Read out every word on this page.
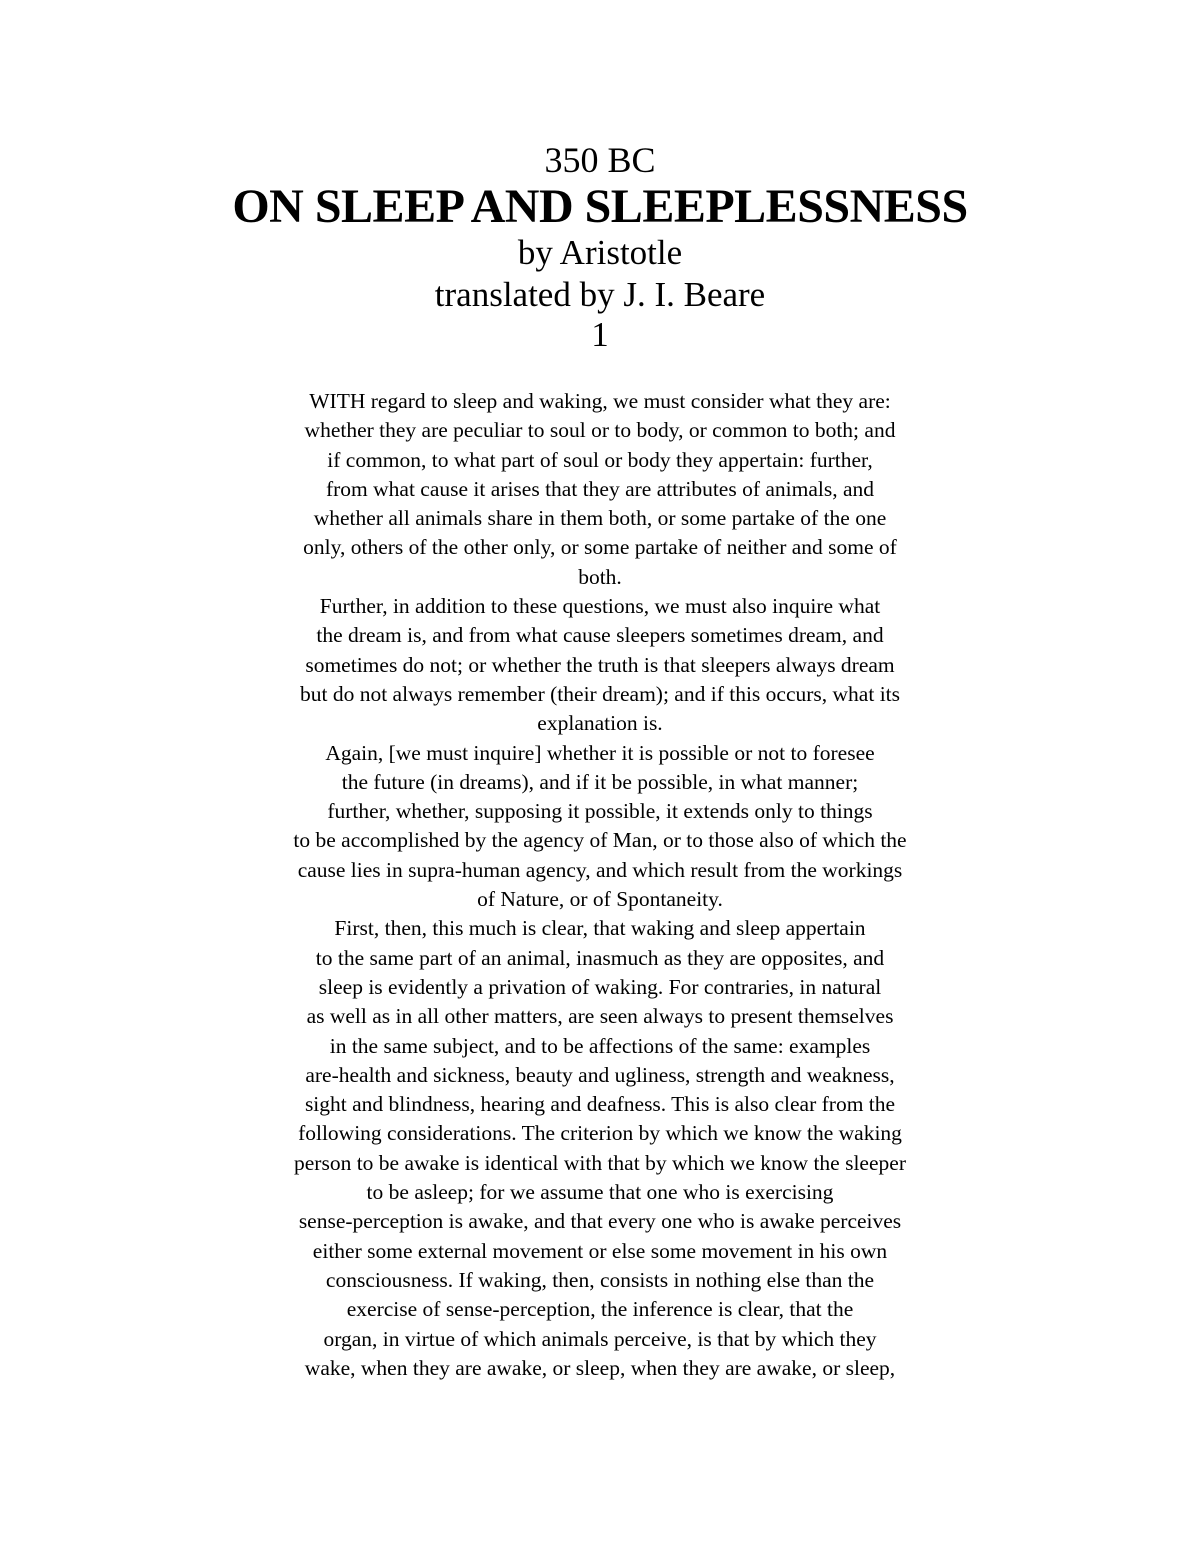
350 BC
ON SLEEP AND SLEEPLESSNESS
by Aristotle
translated by J. I. Beare
1
WITH regard to sleep and waking, we must consider what they are:
whether they are peculiar to soul or to body, or common to both; and
if common, to what part of soul or body they appertain: further,
from what cause it arises that they are attributes of animals, and
whether all animals share in them both, or some partake of the one
only, others of the other only, or some partake of neither and some of
both.
Further, in addition to these questions, we must also inquire what
the dream is, and from what cause sleepers sometimes dream, and
sometimes do not; or whether the truth is that sleepers always dream
but do not always remember (their dream); and if this occurs, what its
explanation is.
Again, [we must inquire] whether it is possible or not to foresee
the future (in dreams), and if it be possible, in what manner;
further, whether, supposing it possible, it extends only to things
to be accomplished by the agency of Man, or to those also of which the
cause lies in supra-human agency, and which result from the workings
of Nature, or of Spontaneity.
First, then, this much is clear, that waking and sleep appertain
to the same part of an animal, inasmuch as they are opposites, and
sleep is evidently a privation of waking. For contraries, in natural
as well as in all other matters, are seen always to present themselves
in the same subject, and to be affections of the same: examples
are-health and sickness, beauty and ugliness, strength and weakness,
sight and blindness, hearing and deafness. This is also clear from the
following considerations. The criterion by which we know the waking
person to be awake is identical with that by which we know the sleeper
to be asleep; for we assume that one who is exercising
sense-perception is awake, and that every one who is awake perceives
either some external movement or else some movement in his own
consciousness. If waking, then, consists in nothing else than the
exercise of sense-perception, the inference is clear, that the
organ, in virtue of which animals perceive, is that by which they
wake, when they are awake, or sleep, when they are awake, or sleep,
